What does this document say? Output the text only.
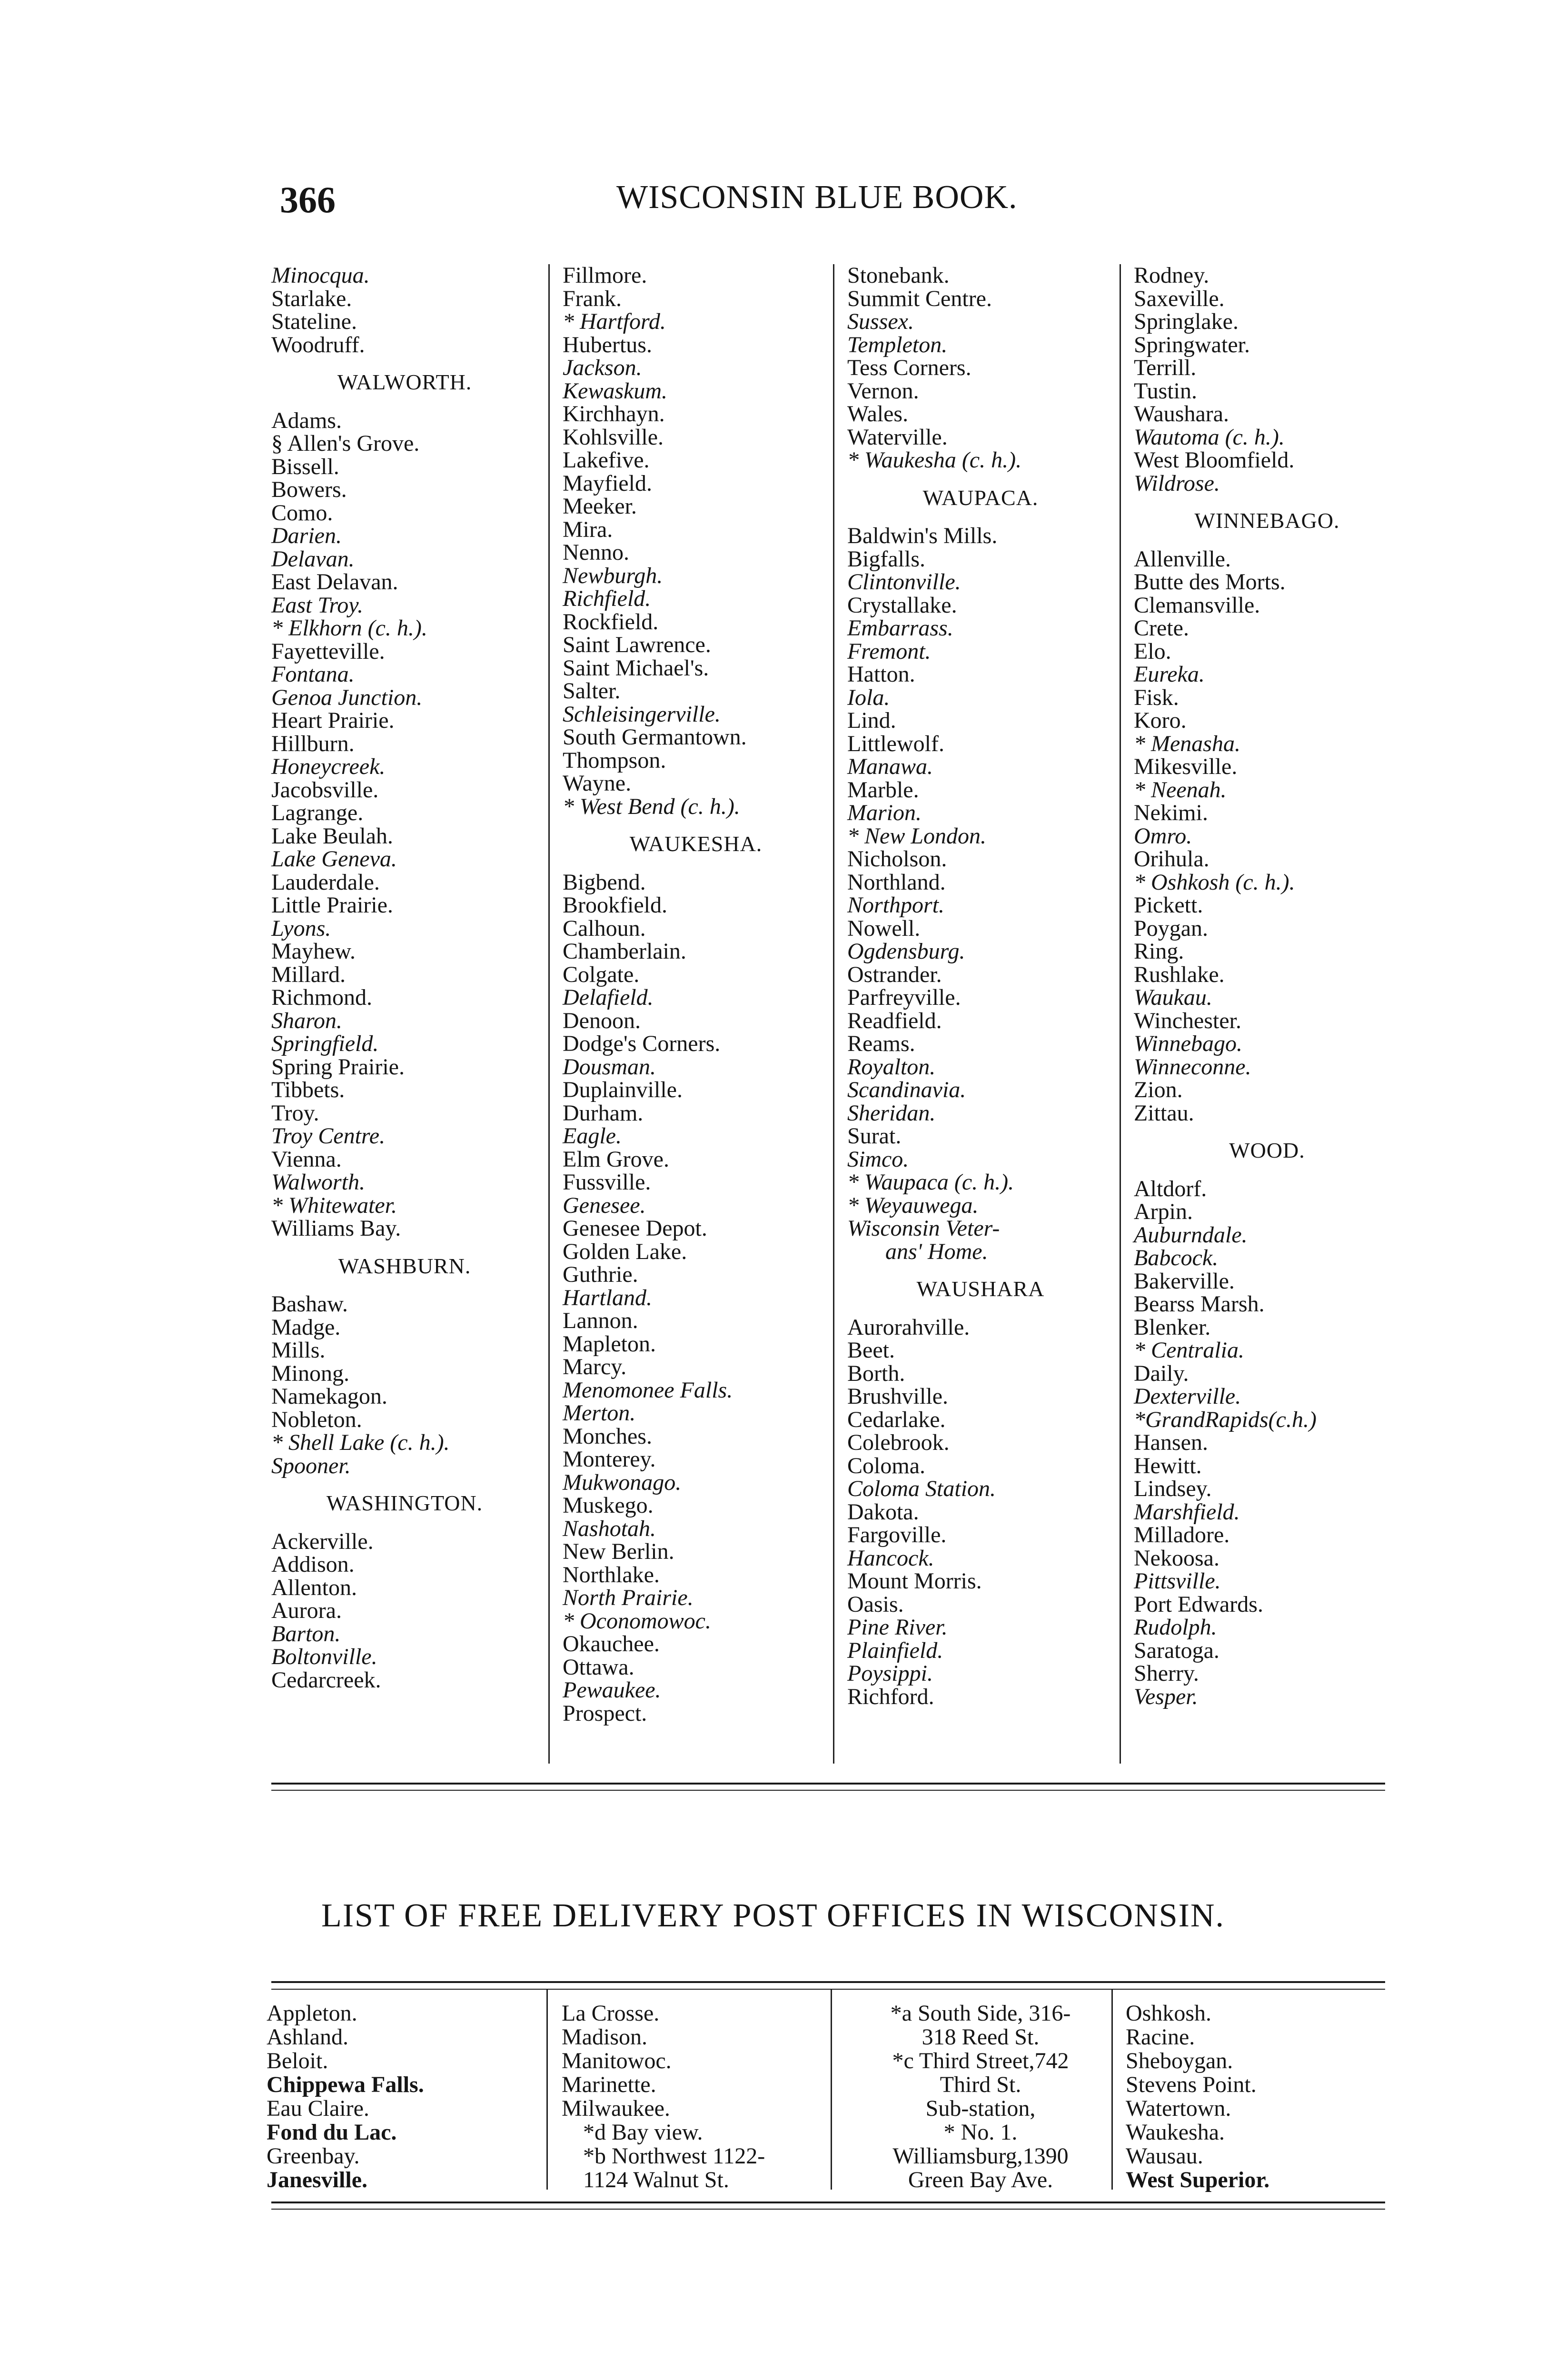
366	WISCONSIN BLUE BOOK.
Minocqua.
Starlake.
Stateline.
Woodruff.
WALWORTH.
Adams.
§ Allen's Grove.
Bissell.
Bowers.
Como.
Darien.
Delavan.
East Delavan.
East Troy.
* Elkhorn (c. h.).
Fayetteville.
Fontana.
Genoa Junction.
Heart Prairie.
Hillburn.
Honeycreek.
Jacobsville.
Lagrange.
Lake Beulah.
Lake Geneva.
Lauderdale.
Little Prairie.
Lyons.
Mayhew.
Millard.
Richmond.
Sharon.
Springfield.
Spring Prairie.
Tibbets.
Troy.
Troy Centre.
Vienna.
Walworth.
* Whitewater.
Williams Bay.
WASHBURN.
Bashaw.
Madge.
Mills.
Minong.
Namekagon.
Nobleton.
* Shell Lake (c. h.).
Spooner.
WASHINGTON.
Ackerville.
Addison.
Allenton.
Aurora.
Barton.
Boltonville.
Cedarcreek.
Fillmore.
Frank.
* Hartford.
Hubertus.
Jackson.
Kewaskum.
Kirchhayn.
Kohlsville.
Lakefive.
Mayfield.
Meeker.
Mira.
Nenno.
Newburgh.
Richfield.
Rockfield.
Saint Lawrence.
Saint Michael's.
Salter.
Schleisingerville.
South Germantown.
Thompson.
Wayne.
* West Bend (c. h.).
WAUKESHA.
Bigbend.
Brookfield.
Calhoun.
Chamberlain.
Colgate.
Delafield.
Denoon.
Dodge's Corners.
Dousman.
Duplainville.
Durham.
Eagle.
Elm Grove.
Fussville.
Genesee.
Genesee Depot.
Golden Lake.
Guthrie.
Hartland.
Lannon.
Mapleton.
Marcy.
Menomonee Falls.
Merton.
Monches.
Monterey.
Mukwonago.
Muskego.
Nashotah.
New Berlin.
Northlake.
North Prairie.
* Oconomowoc.
Okauchee.
Ottawa.
Pewaukee.
Prospect.
Stonebank.
Summit Centre.
Sussex.
Templeton.
Tess Corners.
Vernon.
Wales.
Waterville.
* Waukesha (c. h.).
WAUPACA.
Baldwin's Mills.
Bigfalls.
Clintonville.
Crystallake.
Embarrass.
Fremont.
Hatton.
Iola.
Lind.
Littlewolf.
Manawa.
Marble.
Marion.
* New London.
Nicholson.
Northland.
Northport.
Nowell.
Ogdensburg.
Ostrander.
Parfreyville.
Readfield.
Reams.
Royalton.
Scandinavia.
Sheridan.
Surat.
Simco.
* Waupaca (c. h.).
* Weyauwega.
Wisconsin Veter-
ans' Home.
WAUSHARA
Aurorahville.
Beet.
Borth.
Brushville.
Cedarlake.
Colebrook.
Coloma.
Coloma Station.
Dakota.
Fargoville.
Hancock.
Mount Morris.
Oasis.
Pine River.
Plainfield.
Poysippi.
Richford.
Rodney.
Saxeville.
Springlake.
Springwater.
Terrill.
Tustin.
Waushara.
Wautoma (c. h.).
West Bloomfield.
Wildrose.
WINNEBAGO.
Allenville.
Butte des Morts.
Clemansville.
Crete.
Elo.
Eureka.
Fisk.
Koro.
* Menasha.
Mikesville.
* Neenah.
Nekimi.
Omro.
Orihula.
* Oshkosh (c. h.).
Pickett.
Poygan.
Ring.
Rushlake.
Waukau.
Winchester.
Winnebago.
Winneconne.
Zion.
Zittau.
WOOD.
Altdorf.
Arpin.
Auburndale.
Babcock.
Bakerville.
Bearss Marsh.
Blenker.
* Centralia.
Daily.
Dexterville.
*GrandRapids(c.h.)
Hansen.
Hewitt.
Lindsey.
Marshfield.
Milladore.
Nekoosa.
Pittsville.
Port Edwards.
Rudolph.
Saratoga.
Sherry.
Vesper.
LIST OF FREE DELIVERY POST OFFICES IN WISCONSIN.
Appleton.
Ashland.
Beloit.
Chippewa Falls.
Eau Claire.
Fond du Lac.
Greenbay.
Janesville.
La Crosse.
Madison.
Manitowoc.
Marinette.
Milwaukee.
*d Bay view.
*b Northwest 1122-
1124 Walnut St.
*a South Side, 316-
318 Reed St.
*c Third Street,742
Third St.
Sub-station,
* No. 1.
Williamsburg,1390
Green Bay Ave.
Oshkosh.
Racine.
Sheboygan.
Stevens Point.
Watertown.
Waukesha.
Wausau.
West Superior.
